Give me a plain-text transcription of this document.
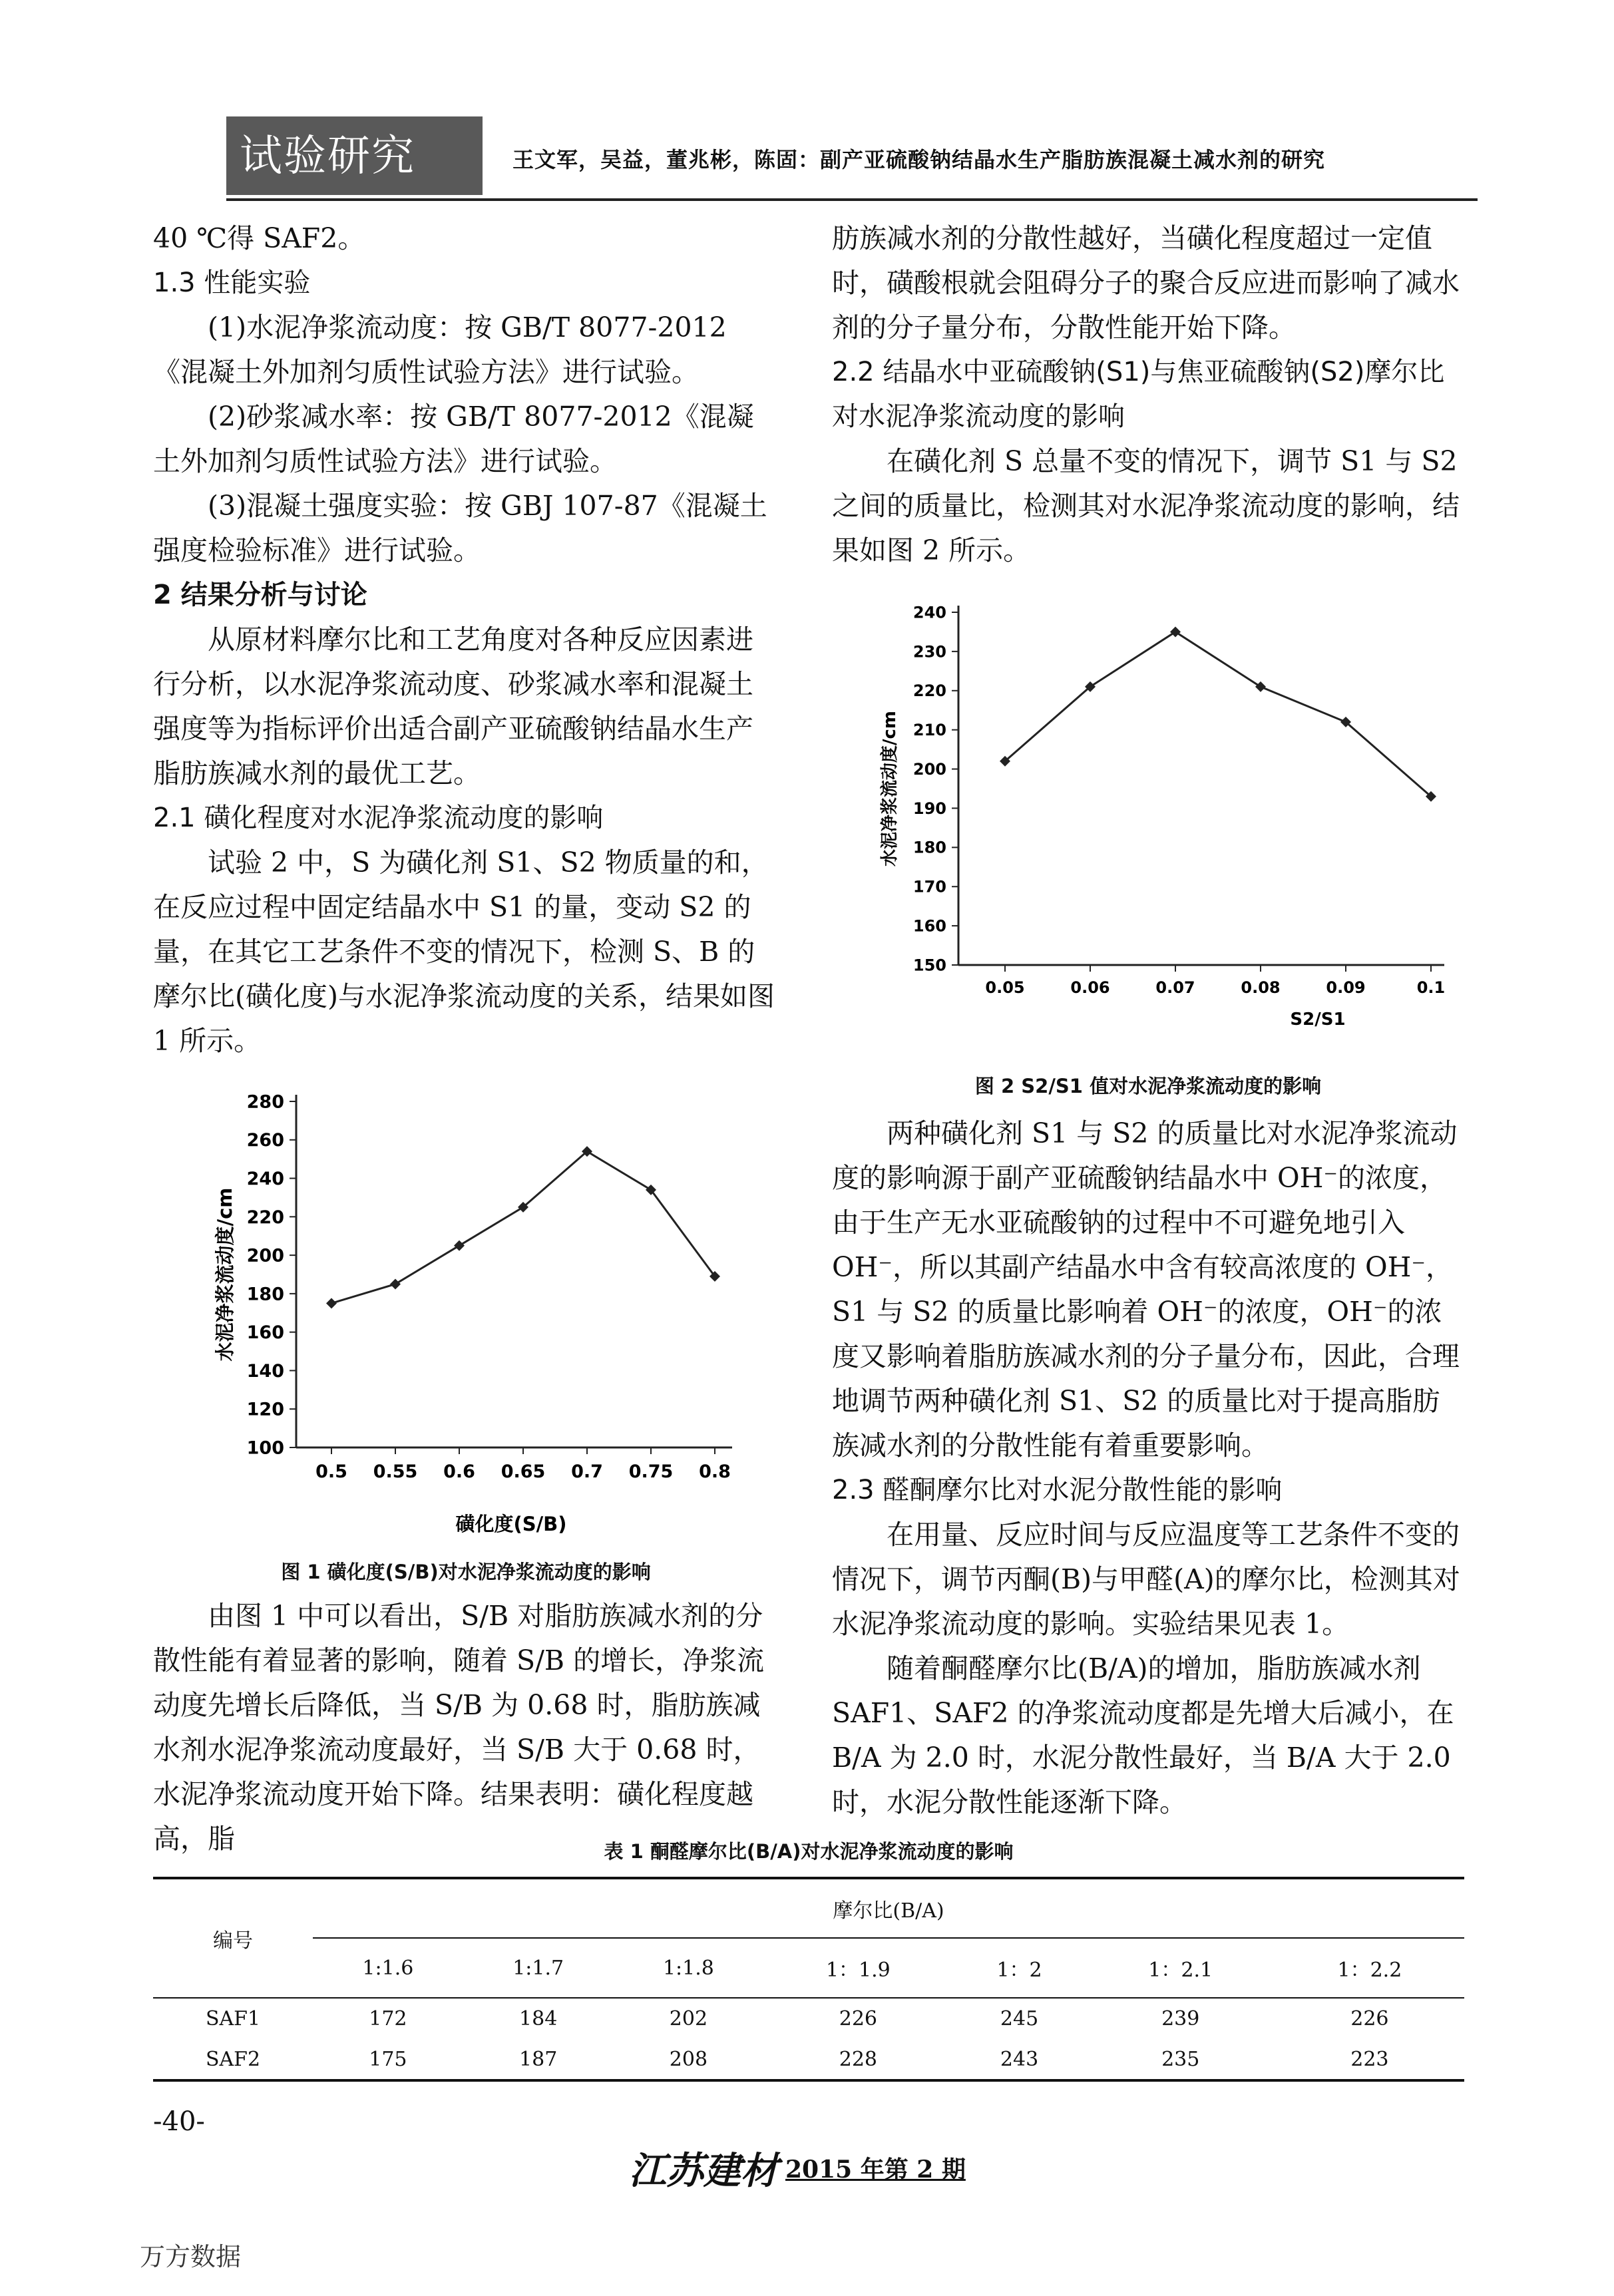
试验研究	王文军，吴益，董兆彬，陈固：副产亚硫酸钠结晶水生产脂肪族混凝土减水剂的研究

40 ℃得 SAF2。

1.3 性能实验

(1)水泥净浆流动度：按 GB/T 8077-2012《混凝土外加剂匀质性试验方法》进行试验。

(2)砂浆减水率：按 GB/T 8077-2012《混凝土外加剂匀质性试验方法》进行试验。

(3)混凝土强度实验：按 GBJ 107-87《混凝土强度检验标准》进行试验。

2 结果分析与讨论

从原材料摩尔比和工艺角度对各种反应因素进行分析，以水泥净浆流动度、砂浆减水率和混凝土强度等为指标评价出适合副产亚硫酸钠结晶水生产脂肪族减水剂的最优工艺。

2.1 磺化程度对水泥净浆流动度的影响

试验 2 中，S 为磺化剂 S1、S2 物质量的和，在反应过程中固定结晶水中 S1 的量，变动 S2 的量，在其它工艺条件不变的情况下，检测 S、B 的摩尔比(磺化度)与水泥净浆流动度的关系，结果如图 1 所示。

100
120
140
160
180
200
220
240
260
280
0.5 0.55 0.6 0.65 0.7 0.75 0.8
磺化度(S/B)
水泥净浆流动度/cm
图 1 磺化度(S/B)对水泥净浆流动度的影响

由图 1 中可以看出，S/B 对脂肪族减水剂的分散性能有着显著的影响，随着 S/B 的增长，净浆流动度先增长后降低，当 S/B 为 0.68 时，脂肪族减水剂水泥净浆流动度最好，当 S/B 大于 0.68 时，水泥净浆流动度开始下降。结果表明：磺化程度越高，脂

肪族减水剂的分散性越好，当磺化程度超过一定值时，磺酸根就会阻碍分子的聚合反应进而影响了减水剂的分子量分布，分散性能开始下降。

2.2 结晶水中亚硫酸钠(S1)与焦亚硫酸钠(S2)摩尔比对水泥净浆流动度的影响

在磺化剂 S 总量不变的情况下，调节 S1 与 S2 之间的质量比，检测其对水泥净浆流动度的影响，结果如图 2 所示。

150
160
170
180
190
200
210
220
230
240
0.05	0.06	0.07	0.08	0.09	0.1
S2/S1
水泥净浆流动度/cm
图 2 S2/S1 值对水泥净浆流动度的影响

两种磺化剂 S1 与 S2 的质量比对水泥净浆流动度的影响源于副产亚硫酸钠结晶水中 OH⁻的浓度，由于生产无水亚硫酸钠的过程中不可避免地引入 OH⁻，所以其副产结晶水中含有较高浓度的 OH⁻，S1 与 S2 的质量比影响着 OH⁻的浓度，OH⁻的浓度又影响着脂肪族减水剂的分子量分布，因此，合理地调节两种磺化剂 S1、S2 的质量比对于提高脂肪族减水剂的分散性能有着重要影响。

2.3 醛酮摩尔比对水泥分散性能的影响

在用量、反应时间与反应温度等工艺条件不变的情况下，调节丙酮(B)与甲醛(A)的摩尔比，检测其对水泥净浆流动度的影响。实验结果见表 1。

随着酮醛摩尔比(B/A)的增加，脂肪族减水剂 SAF1、SAF2 的净浆流动度都是先增大后减小，在 B/A 为 2.0 时，水泥分散性最好，当 B/A 大于 2.0 时，水泥分散性能逐渐下降。

表 1 酮醛摩尔比(B/A)对水泥净浆流动度的影响
编号	摩尔比(B/A)						
	1:1.6	1:1.7	1:1.8	1：1.9	1：2	1：2.1	1：2.2
SAF1	172	184	202	226	245	239	226
SAF2	175	187	208	228	243	235	223
-40-
江苏建材 2015 年第 2 期
万方数据
